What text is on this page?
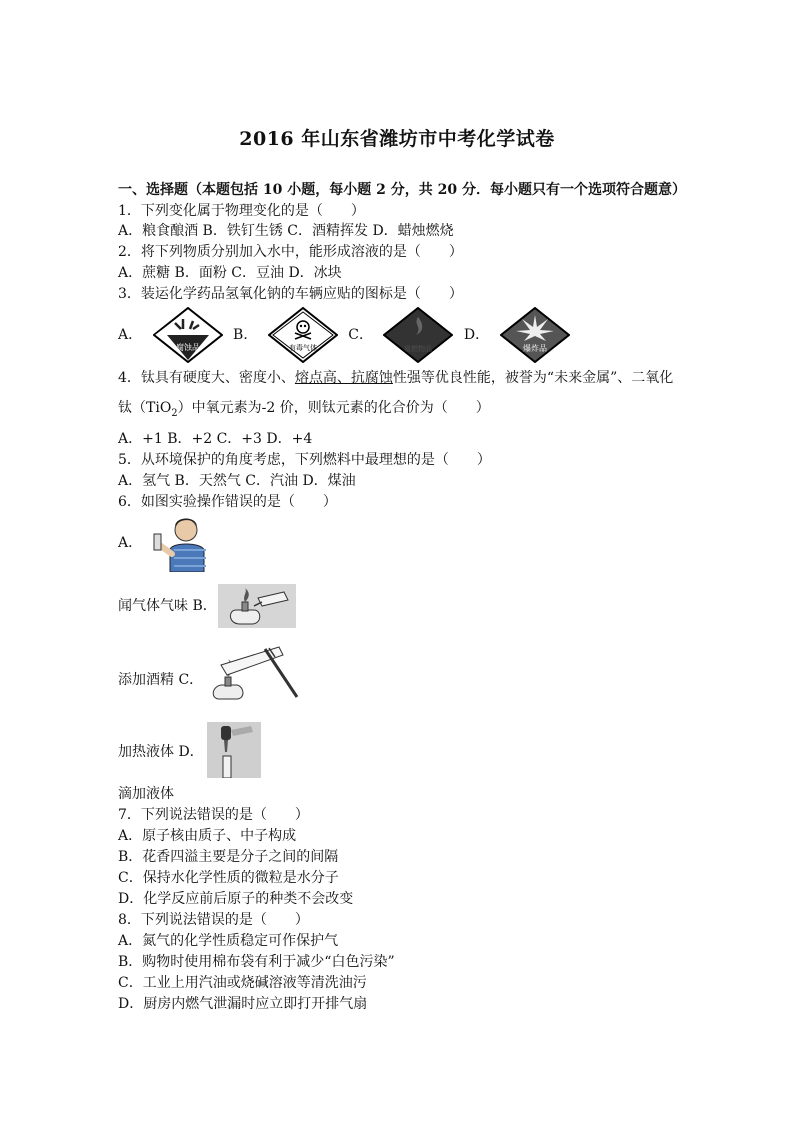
2016 年山东省潍坊市中考化学试卷
一、选择题（本题包括 10 小题，每小题 2 分，共 20 分．每小题只有一个选项符合题意）
1．下列变化属于物理变化的是（　　）
A．粮食酿酒 B．铁钉生锈 C．酒精挥发 D．蜡烛燃烧
2．将下列物质分别加入水中，能形成溶液的是（　　）
A．蔗糖 B．面粉 C．豆油 D．冰块
3．装运化学药品氢氧化钠的车辆应贴的图标是（　　）
A．
腐蚀品
B．
有毒气体
C．
易燃物品
D．
爆炸品
4．钛具有硬度大、密度小、熔点高、抗腐蚀性强等优良性能，被誉为“未来金属”、二氧化
钛（TiO$_2$）中氧元素为-2 价，则钛元素的化合价为（　　）
A．+1 B．+2 C．+3 D．+4
5．从环境保护的角度考虑，下列燃料中最理想的是（　　）
A．氢气 B．天然气 C．汽油 D．煤油
6．如图实验操作错误的是（　　）
A．
闻气体气味 B．
添加酒精 C．
加热液体 D．
滴加液体
7．下列说法错误的是（　　）
A．原子核由质子、中子构成
B．花香四溢主要是分子之间的间隔
C．保持水化学性质的微粒是水分子
D．化学反应前后原子的种类不会改变
8．下列说法错误的是（　　）
A．氮气的化学性质稳定可作保护气
B．购物时使用棉布袋有利于减少“白色污染”
C．工业上用汽油或烧碱溶液等清洗油污
D．厨房内燃气泄漏时应立即打开排气扇
